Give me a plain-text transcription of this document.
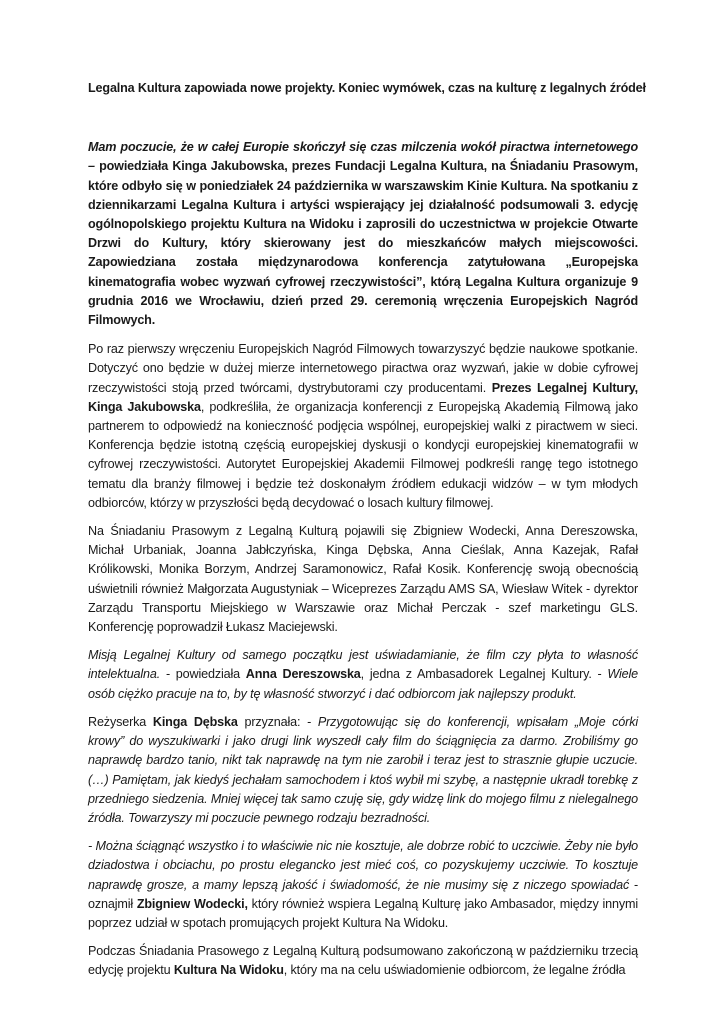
Legalna Kultura zapowiada nowe projekty. Koniec wymówek, czas na kulturę z legalnych źródeł

Mam poczucie, że w całej Europie skończył się czas milczenia wokół piractwa internetowego – powiedziała Kinga Jakubowska, prezes Fundacji Legalna Kultura, na Śniadaniu Prasowym, które odbyło się w poniedziałek 24 października w warszawskim Kinie Kultura. Na spotkaniu z dziennikarzami Legalna Kultura i artyści wspierający jej działalność podsumowali 3. edycję ogólnopolskiego projektu Kultura na Widoku i zaprosili do uczestnictwa w projekcie Otwarte Drzwi do Kultury, który skierowany jest do mieszkańców małych miejscowości. Zapowiedziana została międzynarodowa konferencja zatytułowana „Europejska kinematografia wobec wyzwań cyfrowej rzeczywistości”, którą Legalna Kultura organizuje 9 grudnia 2016 we Wrocławiu, dzień przed 29. ceremonią wręczenia Europejskich Nagród Filmowych.

Po raz pierwszy wręczeniu Europejskich Nagród Filmowych towarzyszyć będzie naukowe spotkanie. Dotyczyć ono będzie w dużej mierze internetowego piractwa oraz wyzwań, jakie w dobie cyfrowej rzeczywistości stoją przed twórcami, dystrybutorami czy producentami. Prezes Legalnej Kultury, Kinga Jakubowska, podkreśliła, że organizacja konferencji z Europejską Akademią Filmową jako partnerem to odpowiedź na konieczność podjęcia wspólnej, europejskiej walki z piractwem w sieci. Konferencja będzie istotną częścią europejskiej dyskusji o kondycji europejskiej kinematografii w cyfrowej rzeczywistości. Autorytet Europejskiej Akademii Filmowej podkreśli rangę tego istotnego tematu dla branży filmowej i będzie też doskonałym źródłem edukacji widzów – w tym młodych odbiorców, którzy w przyszłości będą decydować o losach kultury filmowej.

Na Śniadaniu Prasowym z Legalną Kulturą pojawili się Zbigniew Wodecki, Anna Dereszowska, Michał Urbaniak, Joanna Jabłczyńska, Kinga Dębska, Anna Cieślak, Anna Kazejak, Rafał Królikowski, Monika Borzym, Andrzej Saramonowicz, Rafał Kosik. Konferencję swoją obecnością uświetnili również Małgorzata Augustyniak – Wiceprezes Zarządu AMS SA, Wiesław Witek - dyrektor Zarządu Transportu Miejskiego w Warszawie oraz Michał Perczak - szef marketingu GLS. Konferencję poprowadził Łukasz Maciejewski.

Misją Legalnej Kultury od samego początku jest uświadamianie, że film czy płyta to własność intelektualna. - powiedziała Anna Dereszowska, jedna z Ambasadorek Legalnej Kultury. - Wiele osób ciężko pracuje na to, by tę własność stworzyć i dać odbiorcom jak najlepszy produkt.

Reżyserka Kinga Dębska przyznała: - Przygotowując się do konferencji, wpisałam „Moje córki krowy” do wyszukiwarki i jako drugi link wyszedł cały film do ściągnięcia za darmo. Zrobiliśmy go naprawdę bardzo tanio, nikt tak naprawdę na tym nie zarobił i teraz jest to strasznie głupie uczucie. (…) Pamiętam, jak kiedyś jechałam samochodem i ktoś wybił mi szybę, a następnie ukradł torebkę z przedniego siedzenia. Mniej więcej tak samo czuję się, gdy widzę link do mojego filmu z nielegalnego źródła. Towarzyszy mi poczucie pewnego rodzaju bezradności.

- Można ściągnąć wszystko i to właściwie nic nie kosztuje, ale dobrze robić to uczciwie. Żeby nie było dziadostwa i obciachu, po prostu elegancko jest mieć coś, co pozyskujemy uczciwie. To kosztuje naprawdę grosze, a mamy lepszą jakość i świadomość, że nie musimy się z niczego spowiadać - oznajmił Zbigniew Wodecki, który również wspiera Legalną Kulturę jako Ambasador, między innymi poprzez udział w spotach promujących projekt Kultura Na Widoku.

Podczas Śniadania Prasowego z Legalną Kulturą podsumowano zakończoną w październiku trzecią edycję projektu Kultura Na Widoku, który ma na celu uświadomienie odbiorcom, że legalne źródła
